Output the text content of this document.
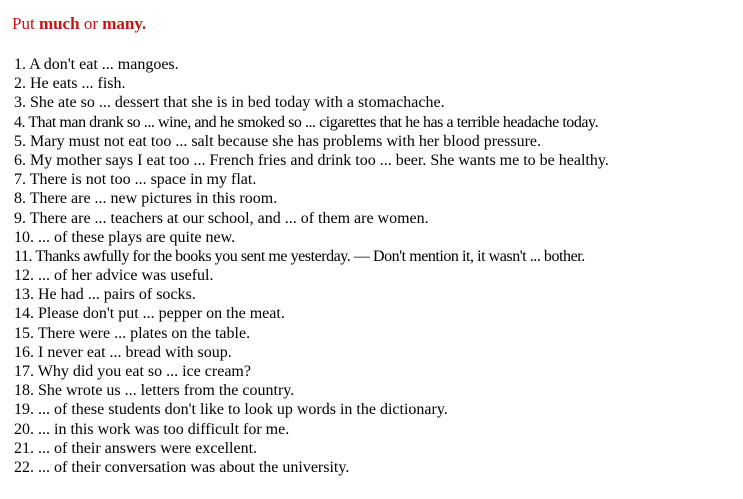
Put much or many.
1. A don't eat ... mangoes.
2. He eats ... fish.
3. She ate so ... dessert that she is in bed today with a stomachache.
4. That man drank so ... wine, and he smoked so ... cigarettes that he has a terrible headache today.
5. Mary must not eat too ... salt because she has problems with her blood pressure.
6. My mother says I eat too ... French fries and drink too ... beer. She wants me to be healthy.
7. There is not too ... space in my flat.
8. There are ... new pictures in this room.
9. There are ... teachers at our school, and ... of them are women.
10. ... of these plays are quite new.
11. Thanks awfully for the books you sent me yesterday. — Don't mention it, it wasn't ... bother.
12. ... of her advice was useful.
13. He had ... pairs of socks.
14. Please don't put ... pepper on the meat.
15. There were ... plates on the table.
16. I never eat ... bread with soup.
17. Why did you eat so ... ice cream?
18. She wrote us ... letters from the country.
19. ... of these students don't like to look up words in the dictionary.
20. ... in this work was too difficult for me.
21. ... of their answers were excellent.
22. ... of their conversation was about the university.
